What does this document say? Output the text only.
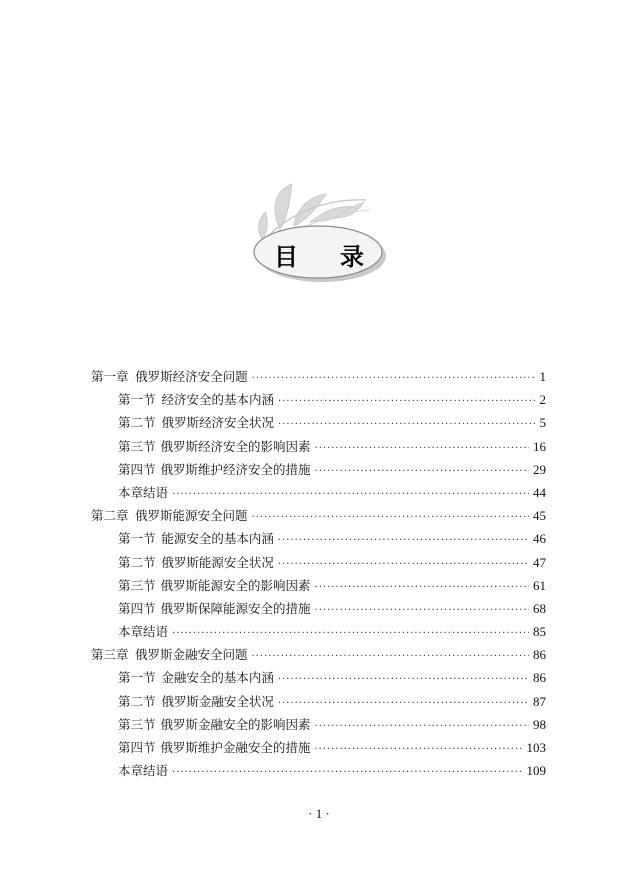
目 录
第一章 俄罗斯经济安全问题 ·····	1
第一节 经济安全的基本内涵 ·····	2
第二节 俄罗斯经济安全状况 ·····	5
第三节 俄罗斯经济安全的影响因素 ·····	16
第四节 俄罗斯维护经济安全的措施 ·····	29
本章结语 ·····	44
第二章 俄罗斯能源安全问题 ·····	45
第一节 能源安全的基本内涵 ·····	46
第二节 俄罗斯能源安全状况 ·····	47
第三节 俄罗斯能源安全的影响因素 ·····	61
第四节 俄罗斯保障能源安全的措施 ·····	68
本章结语 ·····	85
第三章 俄罗斯金融安全问题 ·····	86
第一节 金融安全的基本内涵 ·····	86
第二节 俄罗斯金融安全状况 ·····	87
第三节 俄罗斯金融安全的影响因素 ·····	98
第四节 俄罗斯维护金融安全的措施 ·····	103
本章结语 ·····	109
· 1 ·
